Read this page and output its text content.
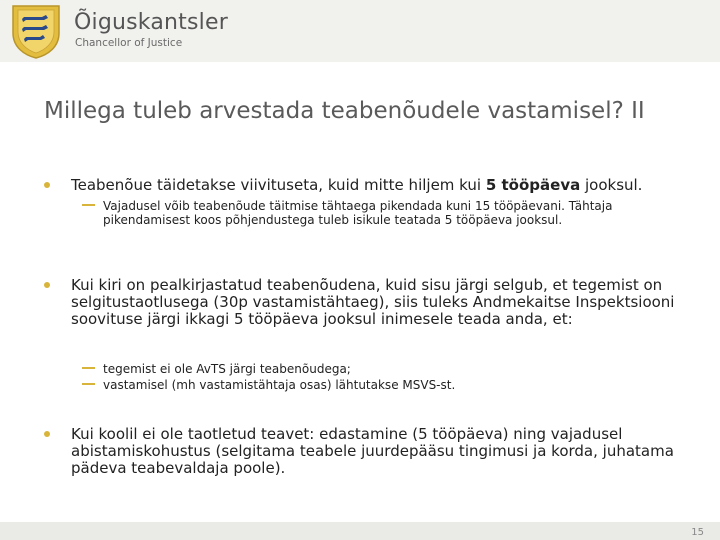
Õiguskantsler
Chancellor of Justice
Millega tuleb arvestada teabenõudele vastamisel? II
Teabenõue täidetakse viivituseta, kuid mitte hiljem kui 5 tööpäeva jooksul.
Vajadusel võib teabenõude täitmise tähtaega pikendada kuni 15 tööpäevani. Tähtaja pikendamisest koos põhjendustega tuleb isikule teatada 5 tööpäeva jooksul.
Kui kiri on pealkirjastatud teabenõudena, kuid sisu järgi selgub, et tegemist on selgitustaotlusega (30p vastamistähtaeg), siis tuleks Andmekaitse Inspektsiooni soovituse järgi ikkagi 5 tööpäeva jooksul inimesele teada anda, et:
tegemist ei ole AvTS järgi teabenõudega;
vastamisel (mh vastamistähtaja osas) lähtutakse MSVS-st.
Kui koolil ei ole taotletud teavet: edastamine (5 tööpäeva) ning vajadusel abistamiskohustus (selgitama teabele juurdepääsu tingimusi ja korda, juhatama pädeva teabevaldaja poole).
15
